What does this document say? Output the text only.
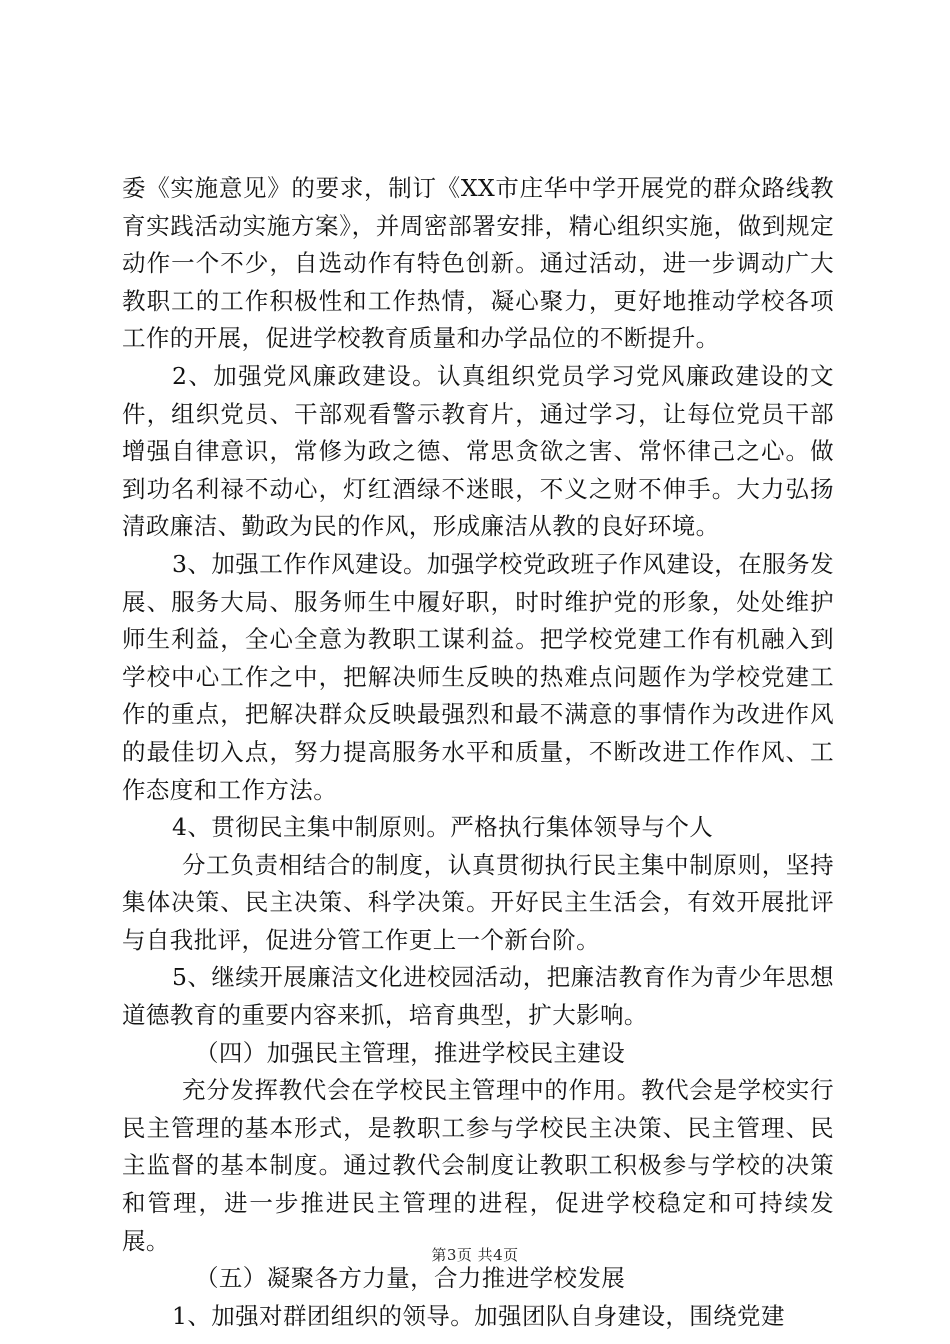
委《实施意见》的要求，制订《XX市庄华中学开展党的群众路线教育实践活动实施方案》，并周密部署安排，精心组织实施，做到规定动作一个不少，自选动作有特色创新。通过活动，进一步调动广大教职工的工作积极性和工作热情，凝心聚力，更好地推动学校各项工作的开展，促进学校教育质量和办学品位的不断提升。

2、加强党风廉政建设。认真组织党员学习党风廉政建设的文件，组织党员、干部观看警示教育片，通过学习，让每位党员干部增强自律意识，常修为政之德、常思贪欲之害、常怀律己之心。做到功名利禄不动心，灯红酒绿不迷眼，不义之财不伸手。大力弘扬清政廉洁、勤政为民的作风，形成廉洁从教的良好环境。

3、加强工作作风建设。加强学校党政班子作风建设，在服务发展、服务大局、服务师生中履好职，时时维护党的形象，处处维护师生利益，全心全意为教职工谋利益。把学校党建工作有机融入到学校中心工作之中，把解决师生反映的热难点问题作为学校党建工作的重点，把解决群众反映最强烈和最不满意的事情作为改进作风的最佳切入点，努力提高服务水平和质量，不断改进工作作风、工作态度和工作方法。

4、贯彻民主集中制原则。严格执行集体领导与个人

分工负责相结合的制度，认真贯彻执行民主集中制原则，坚持集体决策、民主决策、科学决策。开好民主生活会，有效开展批评与自我批评，促进分管工作更上一个新台阶。

5、继续开展廉洁文化进校园活动，把廉洁教育作为青少年思想道德教育的重要内容来抓，培育典型，扩大影响。

（四）加强民主管理，推进学校民主建设

充分发挥教代会在学校民主管理中的作用。教代会是学校实行民主管理的基本形式，是教职工参与学校民主决策、民主管理、民主监督的基本制度。通过教代会制度让教职工积极参与学校的决策和管理，进一步推进民主管理的进程，促进学校稳定和可持续发展。

（五）凝聚各方力量，合力推进学校发展

1、加强对群团组织的领导。加强团队自身建设，围绕党建

第3页 共4页
